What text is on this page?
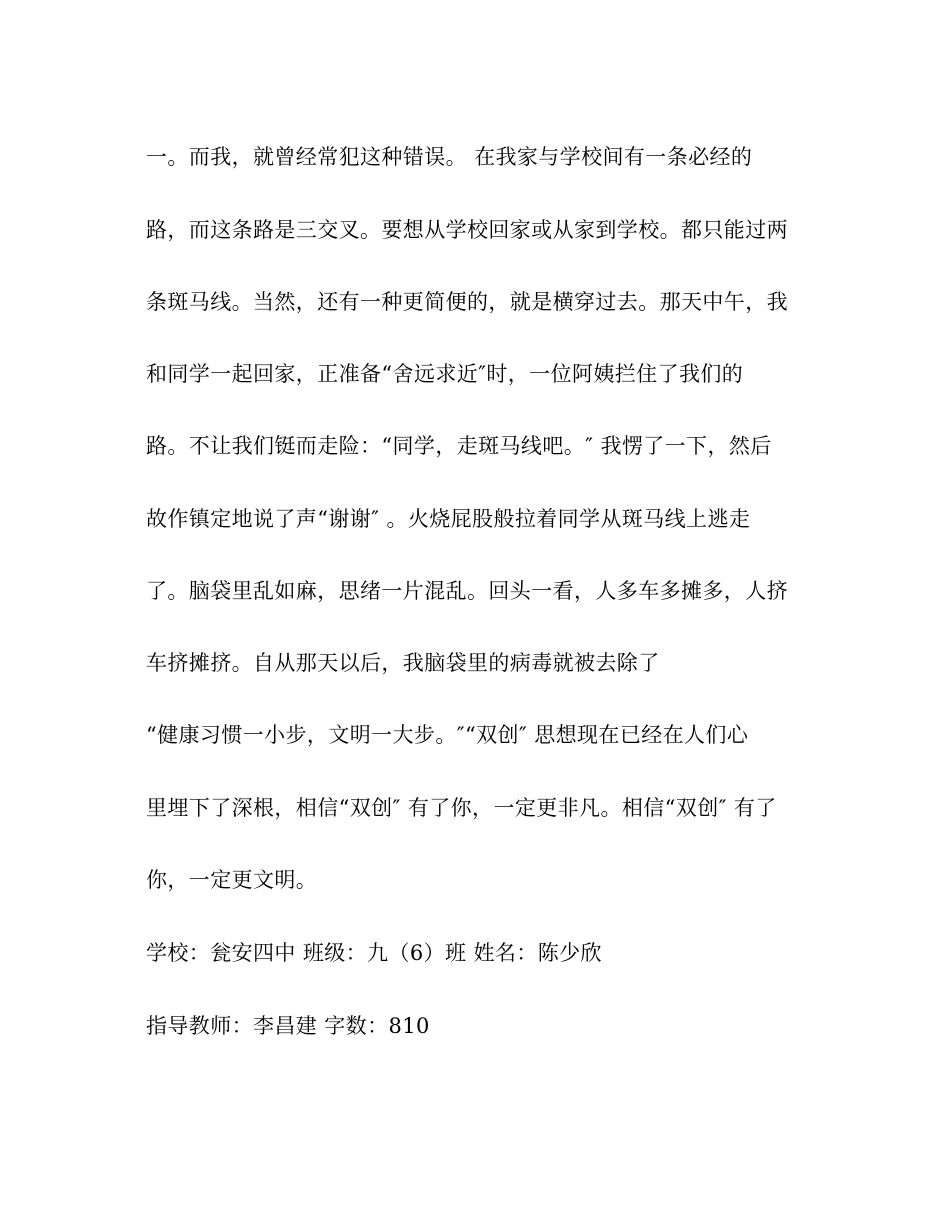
一。而我，就曾经常犯这种错误。 在我家与学校间有一条必经的
路，而这条路是三交叉。要想从学校回家或从家到学校。都只能过两
条斑马线。当然，还有一种更简便的，就是横穿过去。那天中午，我
和同学一起回家，正准备“舍远求近″时，一位阿姨拦住了我们的
路。不让我们铤而走险：“同学，走斑马线吧。″ 我愣了一下，然后
故作镇定地说了声“谢谢″ 。火烧屁股般拉着同学从斑马线上逃走
了。脑袋里乱如麻，思绪一片混乱。回头一看，人多车多摊多，人挤
车挤摊挤。自从那天以后，我脑袋里的病毒就被去除了
“健康习惯一小步，文明一大步。″“双创″ 思想现在已经在人们心
里埋下了深根，相信“双创″ 有了你，一定更非凡。相信“双创″ 有了
你，一定更文明。
学校：瓮安四中 班级：九（6）班 姓名：陈少欣
指导教师：李昌建 字数：810
